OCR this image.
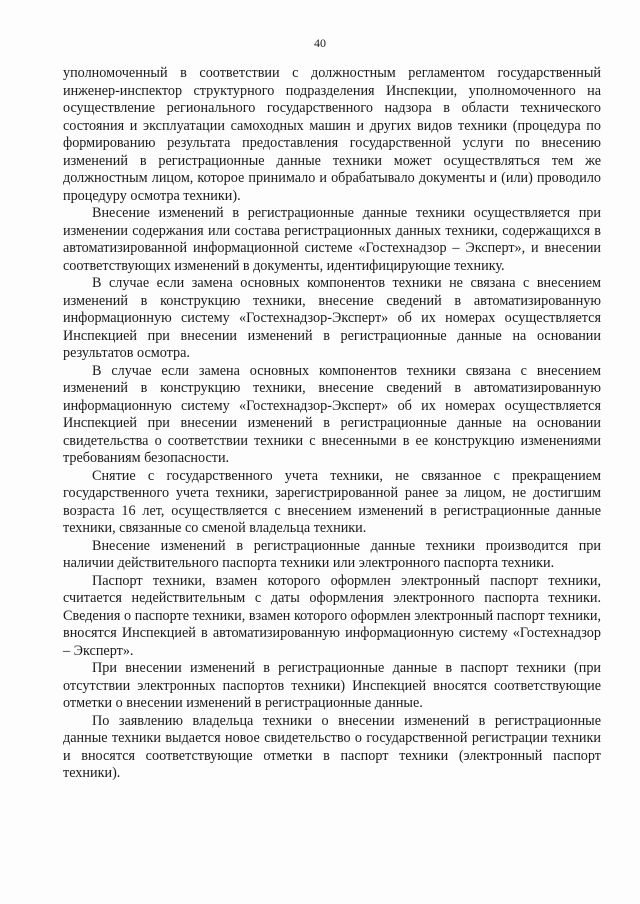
40

уполномоченный в соответствии с должностным регламентом государственный инженер-инспектор структурного подразделения Инспекции, уполномоченного на осуществление регионального государственного надзора в области технического состояния и эксплуатации самоходных машин и других видов техники (процедура по формированию результата предоставления государственной услуги по внесению изменений в регистрационные данные техники может осуществляться тем же должностным лицом, которое принимало и обрабатывало документы и (или) проводило процедуру осмотра техники).

Внесение изменений в регистрационные данные техники осуществляется при изменении содержания или состава регистрационных данных техники, содержащихся в автоматизированной информационной системе «Гостехнадзор – Эксперт», и внесении соответствующих изменений в документы, идентифицирующие технику.

В случае если замена основных компонентов техники не связана с внесением изменений в конструкцию техники, внесение сведений в автоматизированную информационную систему «Гостехнадзор-Эксперт» об их номерах осуществляется Инспекцией при внесении изменений в регистрационные данные на основании результатов осмотра.

В случае если замена основных компонентов техники связана с внесением изменений в конструкцию техники, внесение сведений в автоматизированную информационную систему «Гостехнадзор-Эксперт» об их номерах осуществляется Инспекцией при внесении изменений в регистрационные данные на основании свидетельства о соответствии техники с внесенными в ее конструкцию изменениями требованиям безопасности.

Снятие с государственного учета техники, не связанное с прекращением государственного учета техники, зарегистрированной ранее за лицом, не достигшим возраста 16 лет, осуществляется с внесением изменений в регистрационные данные техники, связанные со сменой владельца техники.

Внесение изменений в регистрационные данные техники производится при наличии действительного паспорта техники или электронного паспорта техники.

Паспорт техники, взамен которого оформлен электронный паспорт техники, считается недействительным с даты оформления электронного паспорта техники. Сведения о паспорте техники, взамен которого оформлен электронный паспорт техники, вносятся Инспекцией в автоматизированную информационную систему «Гостехнадзор – Эксперт».

При внесении изменений в регистрационные данные в паспорт техники (при отсутствии электронных паспортов техники) Инспекцией вносятся соответствующие отметки о внесении изменений в регистрационные данные.

По заявлению владельца техники о внесении изменений в регистрационные данные техники выдается новое свидетельство о государственной регистрации техники и вносятся соответствующие отметки в паспорт техники (электронный паспорт техники).
